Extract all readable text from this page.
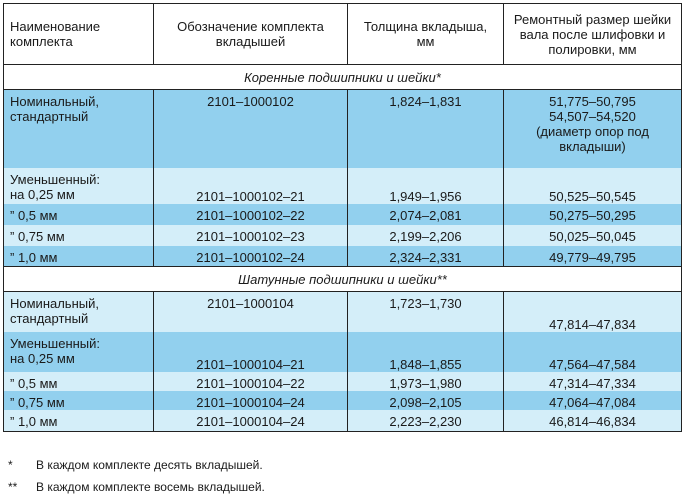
Наименование комплекта	Обозначение комплекта вкладышей	Толщина вкладыша, мм	Ремонтный размер шейки вала после шлифовки и полировки, мм
Коренные подшипники и шейки*			

Номинальный,
стандартный	2101–1000102	1,824–1,831	51,775–50,795
54,507–54,520
(диаметр опор под
вкладыши)

Уменьшенный:
на 0,25 мм	2101–1000102–21	1,949–1,956	50,525–50,545

” 0,5 мм	2101–1000102–22	2,074–2,081	50,275–50,295

” 0,75 мм	2101–1000102–23	2,199–2,206	50,025–50,045

” 1,0 мм	2101–1000102–24	2,324–2,331	49,779–49,795

Шатунные подшипники и шейки**			

Номинальный,
стандартный	2101–1000104	1,723–1,730	47,814–47,834

Уменьшенный:
на 0,25 мм	2101–1000104–21	1,848–1,855	47,564–47,584

” 0,5 мм	2101–1000104–22	1,973–1,980	47,314–47,334

” 0,75 мм	2101–1000104–24	2,098–2,105	47,064–47,084

” 1,0 мм	2101–1000104–24	2,223–2,230	46,814–46,834
*	В каждом комплекте десять вкладышей.
**	В каждом комплекте восемь вкладышей.
